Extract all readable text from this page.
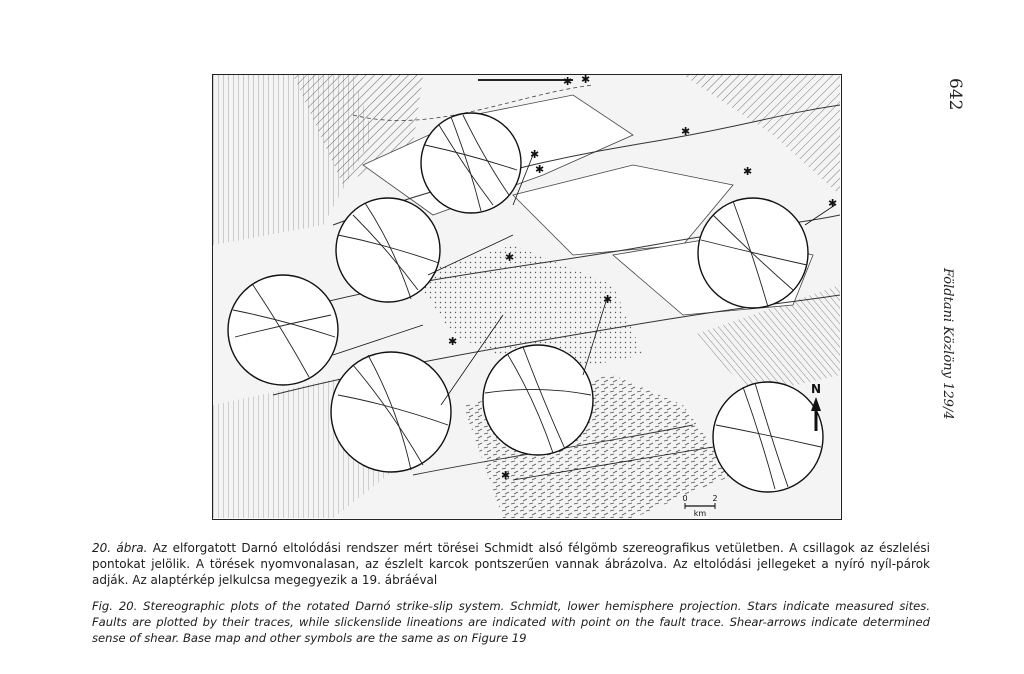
642
Földtani Közlöny 129/4
✱
✱
✱ ✱
✱
✱
✱
✱
✱
✱
✱
N
0	2
km
20. ábra. Az elforgatott Darnó eltolódási rendszer mért törései Schmidt alsó félgömb szereografikus vetületben. A csillagok az észlelési pontokat jelölik. A törések nyomvonalasan, az észlelt karcok pontszerűen vannak ábrázolva. Az eltolódási jellegeket a nyíró nyíl-párok adják. Az alaptérkép jelkulcsa megegyezik a 19. ábráéval
Fig. 20. Stereographic plots of the rotated Darnó strike-slip system. Schmidt, lower hemisphere projection. Stars indicate measured sites. Faults are plotted by their traces, while slickenslide lineations are indicated with point on the fault trace. Shear-arrows indicate determined sense of shear. Base map and other symbols are the same as on Figure 19
